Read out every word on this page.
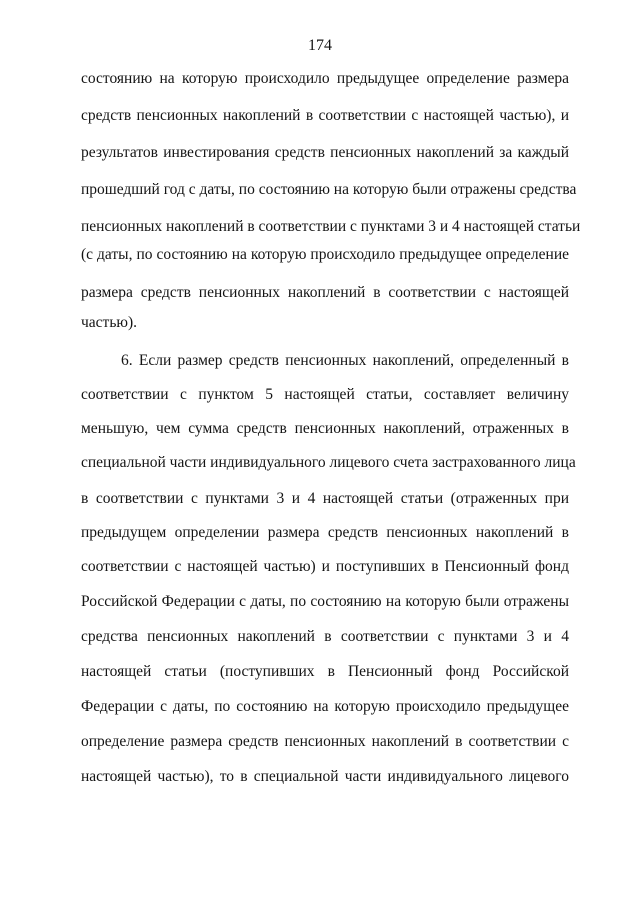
174
состоянию на которую происходило предыдущее определение размера
средств пенсионных накоплений в соответствии с настоящей частью), и
результатов инвестирования средств пенсионных накоплений за каждый
прошедший год с даты, по состоянию на которую были отражены средства
пенсионных накоплений в соответствии с пунктами 3 и 4 настоящей статьи
(с даты, по состоянию на которую происходило предыдущее определение
размера средств пенсионных накоплений в соответствии с настоящей
частью).
6. Если размер средств пенсионных накоплений, определенный в
соответствии с пунктом 5 настоящей статьи, составляет величину
меньшую, чем сумма средств пенсионных накоплений, отраженных в
специальной части индивидуального лицевого счета застрахованного лица
в соответствии с пунктами 3 и 4 настоящей статьи (отраженных при
предыдущем определении размера средств пенсионных накоплений в
соответствии с настоящей частью) и поступивших в Пенсионный фонд
Российской Федерации с даты, по состоянию на которую были отражены
средства пенсионных накоплений в соответствии с пунктами 3 и 4
настоящей статьи (поступивших в Пенсионный фонд Российской
Федерации с даты, по состоянию на которую происходило предыдущее
определение размера средств пенсионных накоплений в соответствии с
настоящей частью), то в специальной части индивидуального лицевого
